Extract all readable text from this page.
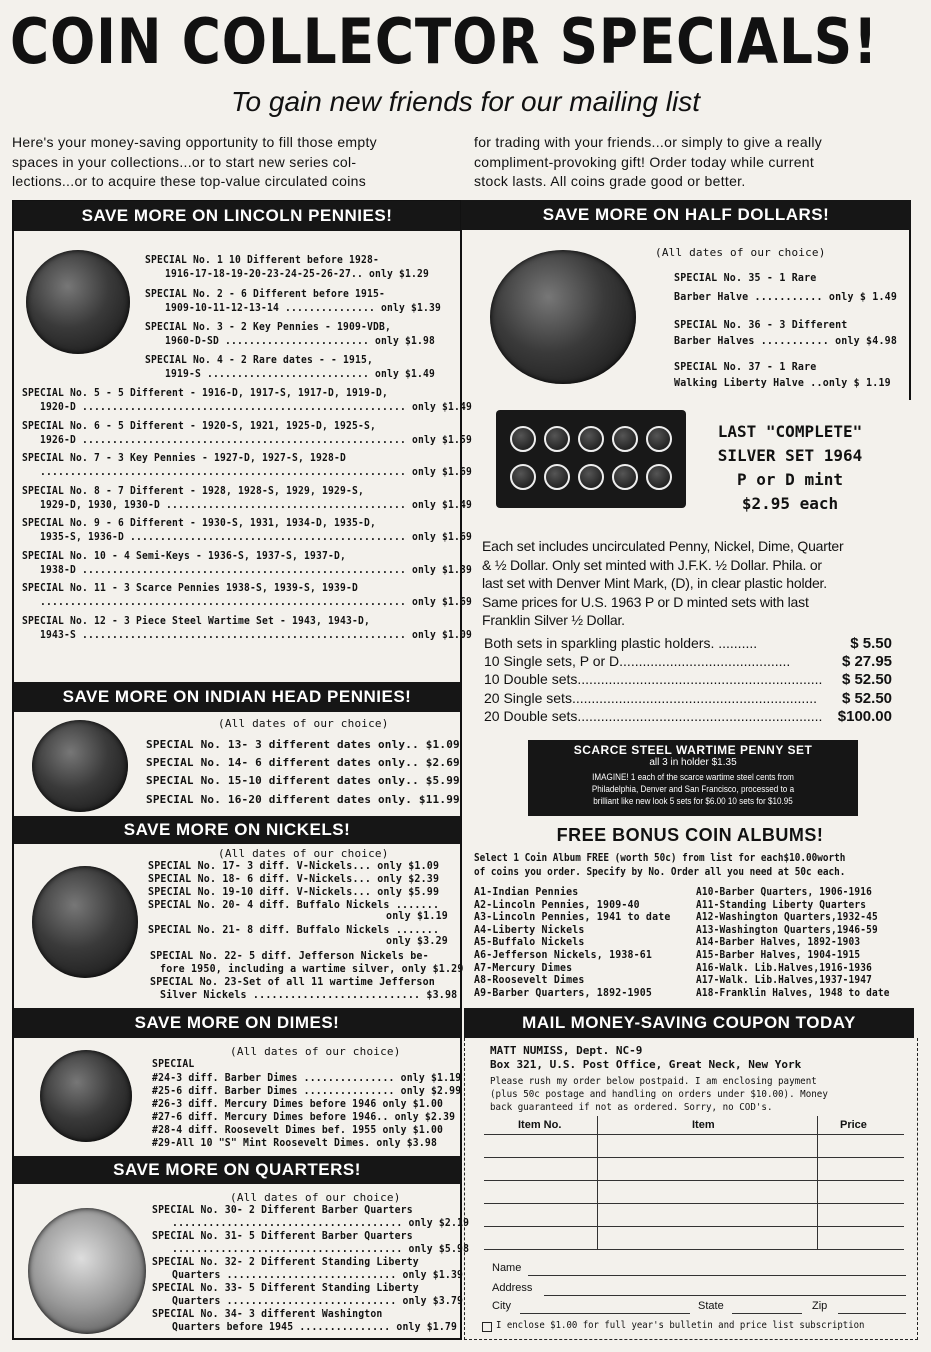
COIN COLLECTOR SPECIALS!
To gain new friends for our mailing list
Here's your money-saving opportunity to fill those empty
spaces in your collections...or to start new series col-
lections...or to acquire these top-value circulated coins
for trading with your friends...or simply to give a really
compliment-provoking gift! Order today while current
stock lasts. All coins grade good or better.
SAVE MORE ON LINCOLN PENNIES!
SPECIAL No. 1 10 Different before 1928-
1916-17-18-19-20-23-24-25-26-27.. only $1.29
SPECIAL No. 2 - 6 Different before 1915-
1909-10-11-12-13-14 ............... only $1.39
SPECIAL No. 3 - 2 Key Pennies - 1909-VDB,
1960-D-SD ........................ only $1.98
SPECIAL No. 4 - 2 Rare dates - - 1915,
1919-S ........................... only $1.49
SPECIAL No. 5 - 5 Different - 1916-D, 1917-S, 1917-D, 1919-D,
1920-D ...................................................... only $1.49
SPECIAL No. 6 - 5 Different - 1920-S, 1921, 1925-D, 1925-S,
1926-D ...................................................... only $1.59
SPECIAL No. 7 - 3 Key Pennies - 1927-D, 1927-S, 1928-D
............................................................. only $1.69
SPECIAL No. 8 - 7 Different - 1928, 1928-S, 1929, 1929-S,
1929-D, 1930, 1930-D ........................................ only $1.49
SPECIAL No. 9 - 6 Different - 1930-S, 1931, 1934-D, 1935-D,
1935-S, 1936-D .............................................. only $1.69
SPECIAL No. 10 - 4 Semi-Keys - 1936-S, 1937-S, 1937-D,
1938-D ...................................................... only $1.39
SPECIAL No. 11 - 3 Scarce Pennies 1938-S, 1939-S, 1939-D
............................................................. only $1.69
SPECIAL No. 12 - 3 Piece Steel Wartime Set - 1943, 1943-D,
1943-S ...................................................... only $1.09
SAVE MORE ON INDIAN HEAD PENNIES!
(All dates of our choice)
SPECIAL No. 13- 3 different dates only.. $1.09
SPECIAL No. 14- 6 different dates only.. $2.69
SPECIAL No. 15-10 different dates only.. $5.99
SPECIAL No. 16-20 different dates only. $11.99
SAVE MORE ON NICKELS!
(All dates of our choice)
SPECIAL No. 17- 3 diff. V-Nickels... only $1.09
SPECIAL No. 18- 6 diff. V-Nickels... only $2.39
SPECIAL No. 19-10 diff. V-Nickels... only $5.99
SPECIAL No. 20- 4 diff. Buffalo Nickels .......
only $1.19
SPECIAL No. 21- 8 diff. Buffalo Nickels .......
only $3.29
SPECIAL No. 22- 5 diff. Jefferson Nickels be-
fore 1950, including a wartime silver, only $1.29
SPECIAL No. 23-Set of all 11 wartime Jefferson
Silver Nickels ........................... $3.98
SAVE MORE ON DIMES!
(All dates of our choice)
SPECIAL
#24-3 diff. Barber Dimes ............... only $1.19
#25-6 diff. Barber Dimes ............... only $2.99
#26-3 diff. Mercury Dimes before 1946 only $1.00
#27-6 diff. Mercury Dimes before 1946.. only $2.39
#28-4 diff. Roosevelt Dimes bef. 1955 only $1.00
#29-All 10 "S" Mint Roosevelt Dimes. only $3.98
SAVE MORE ON QUARTERS!
(All dates of our choice)
SPECIAL No. 30- 2 Different Barber Quarters
...................................... only $2.19
SPECIAL No. 31- 5 Different Barber Quarters
...................................... only $5.98
SPECIAL No. 32- 2 Different Standing Liberty
Quarters ............................ only $1.39
SPECIAL No. 33- 5 Different Standing Liberty
Quarters ............................ only $3.79
SPECIAL No. 34- 3 different Washington
Quarters before 1945 ............... only $1.79
SAVE MORE ON HALF DOLLARS!
(All dates of our choice)
SPECIAL No. 35 - 1 Rare
Barber Halve ........... only $ 1.49
SPECIAL No. 36 - 3 Different
Barber Halves ........... only $4.98
SPECIAL No. 37 - 1 Rare
Walking Liberty Halve ..only $ 1.19
LAST "COMPLETE"
SILVER SET 1964
P or D mint
$2.95 each
Each set includes uncirculated Penny, Nickel, Dime, Quarter
& ½ Dollar. Only set minted with J.F.K. ½ Dollar. Phila. or
last set with Denver Mint Mark, (D), in clear plastic holder.
Same prices for U.S. 1963 P or D minted sets with last
Franklin Silver ½ Dollar.
Both sets in sparkling plastic holders. ..........	$ 5.50
10 Single sets, P or D............................................	$ 27.95
10 Double sets...............................................................	$ 52.50
20 Single sets...............................................................	$ 52.50
20 Double sets...............................................................	$100.00
SCARCE STEEL WARTIME PENNY SET
all 3 in holder $1.35
IMAGINE! 1 each of the scarce wartime steel cents from
Philadelphia, Denver and San Francisco, processed to a
brilliant like new look 5 sets for $6.00 10 sets for $10.95
FREE BONUS COIN ALBUMS!
Select 1 Coin Album FREE (worth 50c) from list for each$10.00worth
of coins you order. Specify by No. Order all you need at 50c each.
A1-Indian Pennies
A2-Lincoln Pennies, 1909-40
A3-Lincoln Pennies, 1941 to date
A4-Liberty Nickels
A5-Buffalo Nickels
A6-Jefferson Nickels, 1938-61
A7-Mercury Dimes
A8-Roosevelt Dimes
A9-Barber Quarters, 1892-1905
A10-Barber Quarters, 1906-1916
A11-Standing Liberty Quarters
A12-Washington Quarters,1932-45
A13-Washington Quarters,1946-59
A14-Barber Halves, 1892-1903
A15-Barber Halves, 1904-1915
A16-Walk. Lib.Halves,1916-1936
A17-Walk. Lib.Halves,1937-1947
A18-Franklin Halves, 1948 to date
MAIL MONEY-SAVING COUPON TODAY
MATT NUMISS, Dept. NC-9
Box 321, U.S. Post Office, Great Neck, New York
Please rush my order below postpaid. I am enclosing payment
(plus 50c postage and handling on orders under $10.00). Money
back guaranteed if not as ordered. Sorry, no COD's.
Item No.	Item	Price
Name
Address
City	State	Zip
I enclose $1.00 for full year's bulletin and price list subscription
